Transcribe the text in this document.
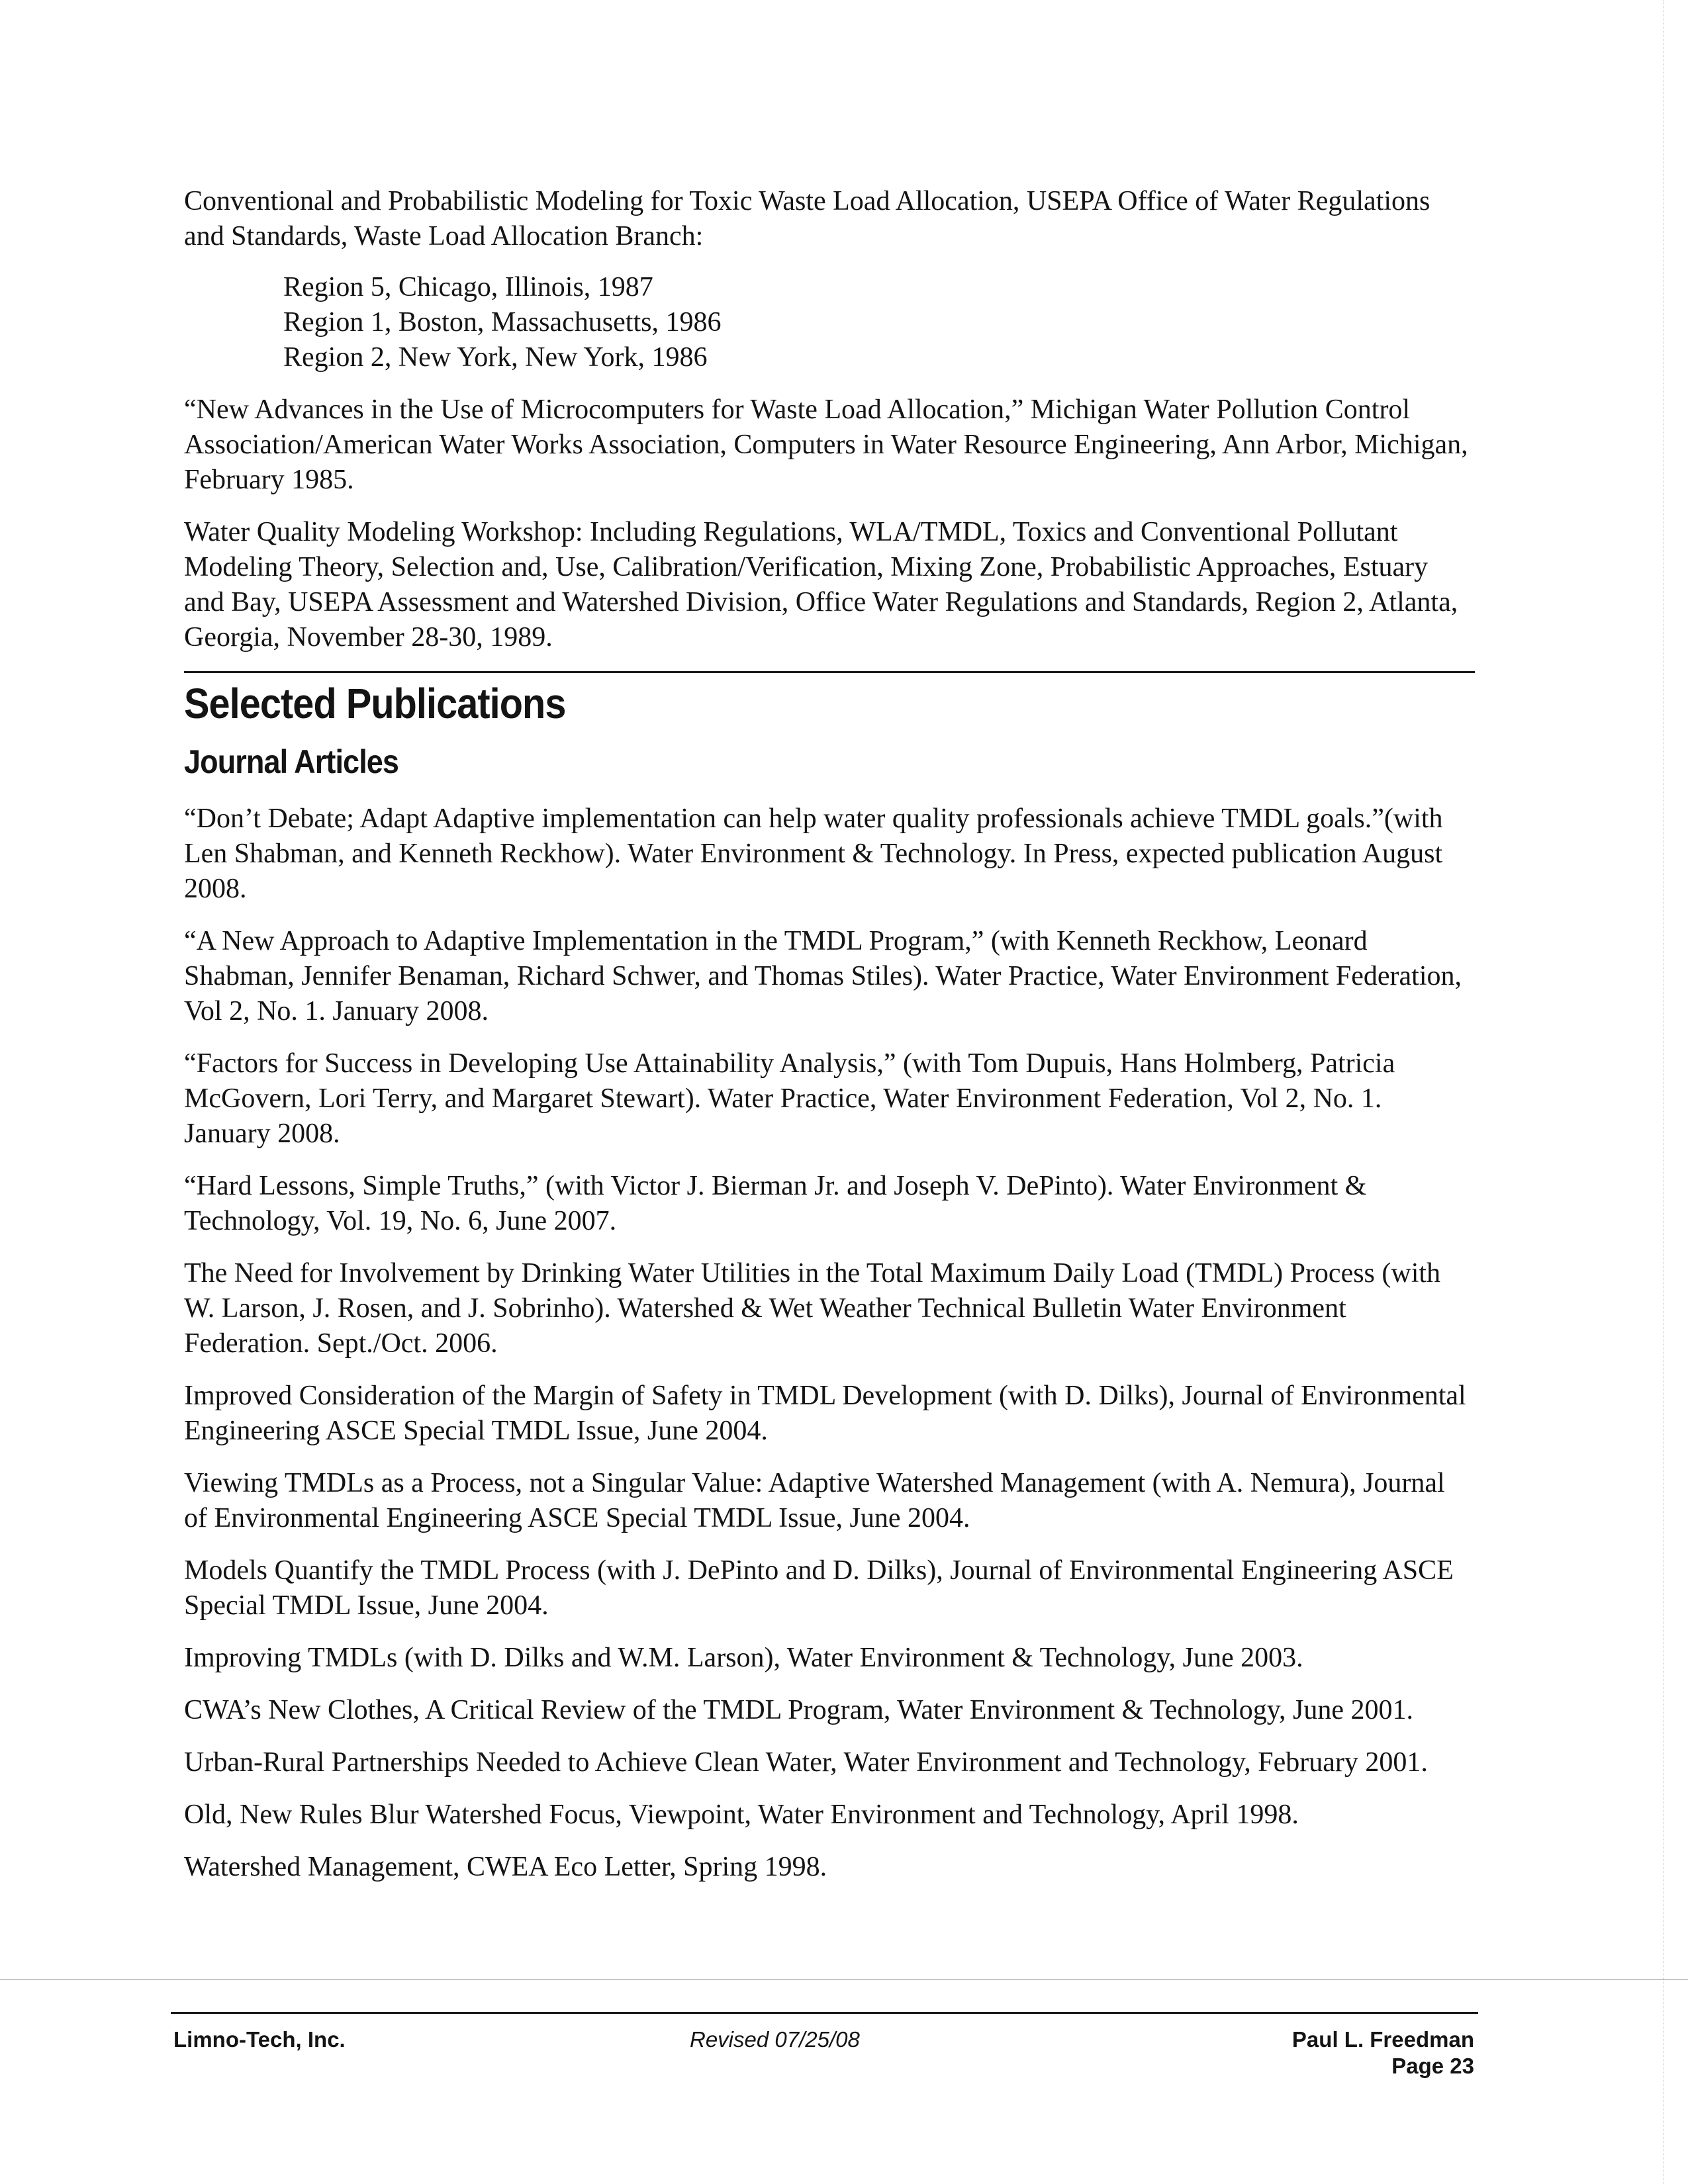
Conventional and Probabilistic Modeling for Toxic Waste Load Allocation, USEPA Office of Water Regulations and Standards, Waste Load Allocation Branch:

Region 5, Chicago, Illinois, 1987
Region 1, Boston, Massachusetts, 1986
Region 2, New York, New York, 1986

“New Advances in the Use of Microcomputers for Waste Load Allocation,” Michigan Water Pollution Control Association/American Water Works Association, Computers in Water Resource Engineering, Ann Arbor, Michigan, February 1985.

Water Quality Modeling Workshop: Including Regulations, WLA/TMDL, Toxics and Conventional Pollutant Modeling Theory, Selection and, Use, Calibration/Verification, Mixing Zone, Probabilistic Approaches, Estuary and Bay, USEPA Assessment and Watershed Division, Office Water Regulations and Standards, Region 2, Atlanta, Georgia, November 28-30, 1989.

Selected Publications
Journal Articles

“Don’t Debate; Adapt Adaptive implementation can help water quality professionals achieve TMDL goals.”(with Len Shabman, and Kenneth Reckhow). Water Environment & Technology. In Press, expected publication August 2008.

“A New Approach to Adaptive Implementation in the TMDL Program,” (with Kenneth Reckhow, Leonard Shabman, Jennifer Benaman, Richard Schwer, and Thomas Stiles). Water Practice, Water Environment Federation, Vol 2, No. 1. January 2008.

“Factors for Success in Developing Use Attainability Analysis,” (with Tom Dupuis, Hans Holmberg, Patricia McGovern, Lori Terry, and Margaret Stewart). Water Practice, Water Environment Federation, Vol 2, No. 1. January 2008.

“Hard Lessons, Simple Truths,” (with Victor J. Bierman Jr. and Joseph V. DePinto). Water Environment & Technology, Vol. 19, No. 6, June 2007.

The Need for Involvement by Drinking Water Utilities in the Total Maximum Daily Load (TMDL) Process (with W. Larson, J. Rosen, and J. Sobrinho). Watershed & Wet Weather Technical Bulletin Water Environment Federation. Sept./Oct. 2006.

Improved Consideration of the Margin of Safety in TMDL Development (with D. Dilks), Journal of Environmental Engineering ASCE Special TMDL Issue, June 2004.

Viewing TMDLs as a Process, not a Singular Value: Adaptive Watershed Management (with A. Nemura), Journal of Environmental Engineering ASCE Special TMDL Issue, June 2004.

Models Quantify the TMDL Process (with J. DePinto and D. Dilks), Journal of Environmental Engineering ASCE Special TMDL Issue, June 2004.

Improving TMDLs (with D. Dilks and W.M. Larson), Water Environment & Technology, June 2003.

CWA’s New Clothes, A Critical Review of the TMDL Program, Water Environment & Technology, June 2001.

Urban-Rural Partnerships Needed to Achieve Clean Water, Water Environment and Technology, February 2001.

Old, New Rules Blur Watershed Focus, Viewpoint, Water Environment and Technology, April 1998.

Watershed Management, CWEA Eco Letter, Spring 1998.

Limno-Tech, Inc.	Revised 07/25/08	Paul L. Freedman
Page 23
